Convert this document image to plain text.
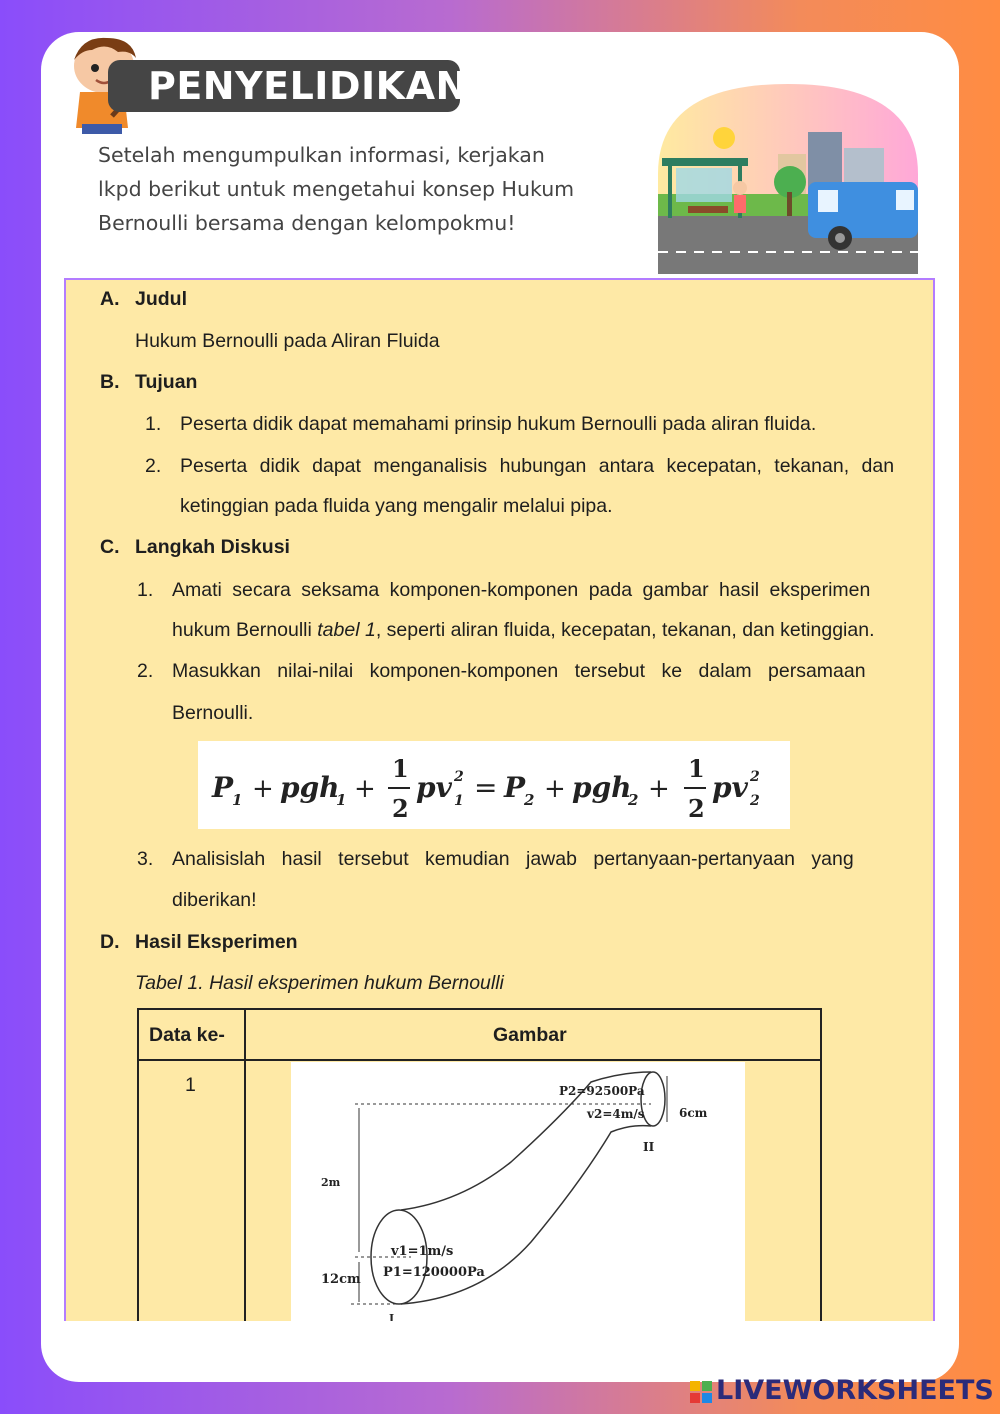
PENYELIDIKAN
Setelah mengumpulkan informasi, kerjakan
lkpd berikut untuk mengetahui konsep Hukum
Bernoulli bersama dengan kelompokmu!
A. Judul
Hukum Bernoulli pada Aliran Fluida
B. Tujuan
1. Peserta didik dapat memahami prinsip hukum Bernoulli pada aliran fluida.
2. Peserta didik dapat menganalisis hubungan antara kecepatan, tekanan, dan
ketinggian pada fluida yang mengalir melalui pipa.
C. Langkah Diskusi
1. Amati secara seksama komponen-komponen pada gambar hasil eksperimen
hukum Bernoulli tabel 1, seperti aliran fluida, kecepatan, tekanan, dan ketinggian.
2. Masukkan nilai-nilai komponen-komponen tersebut ke dalam persamaan
Bernoulli.
P
1 + pgh
1 +
1
2
pv 2
1 = P
2 + pgh
2 +
1
2
pv 2
2
3. Analisislah hasil tersebut kemudian jawab pertanyaan-pertanyaan yang
diberikan!
D. Hasil Eksperimen
Tabel 1. Hasil eksperimen hukum Bernoulli
Data ke-	Gambar
1	P2=92500Pa
v2=4m/s	6cm
II
2m
v1=1m/s
P1=120000Pa
12cm
I
LIVEWORKSHEETS
